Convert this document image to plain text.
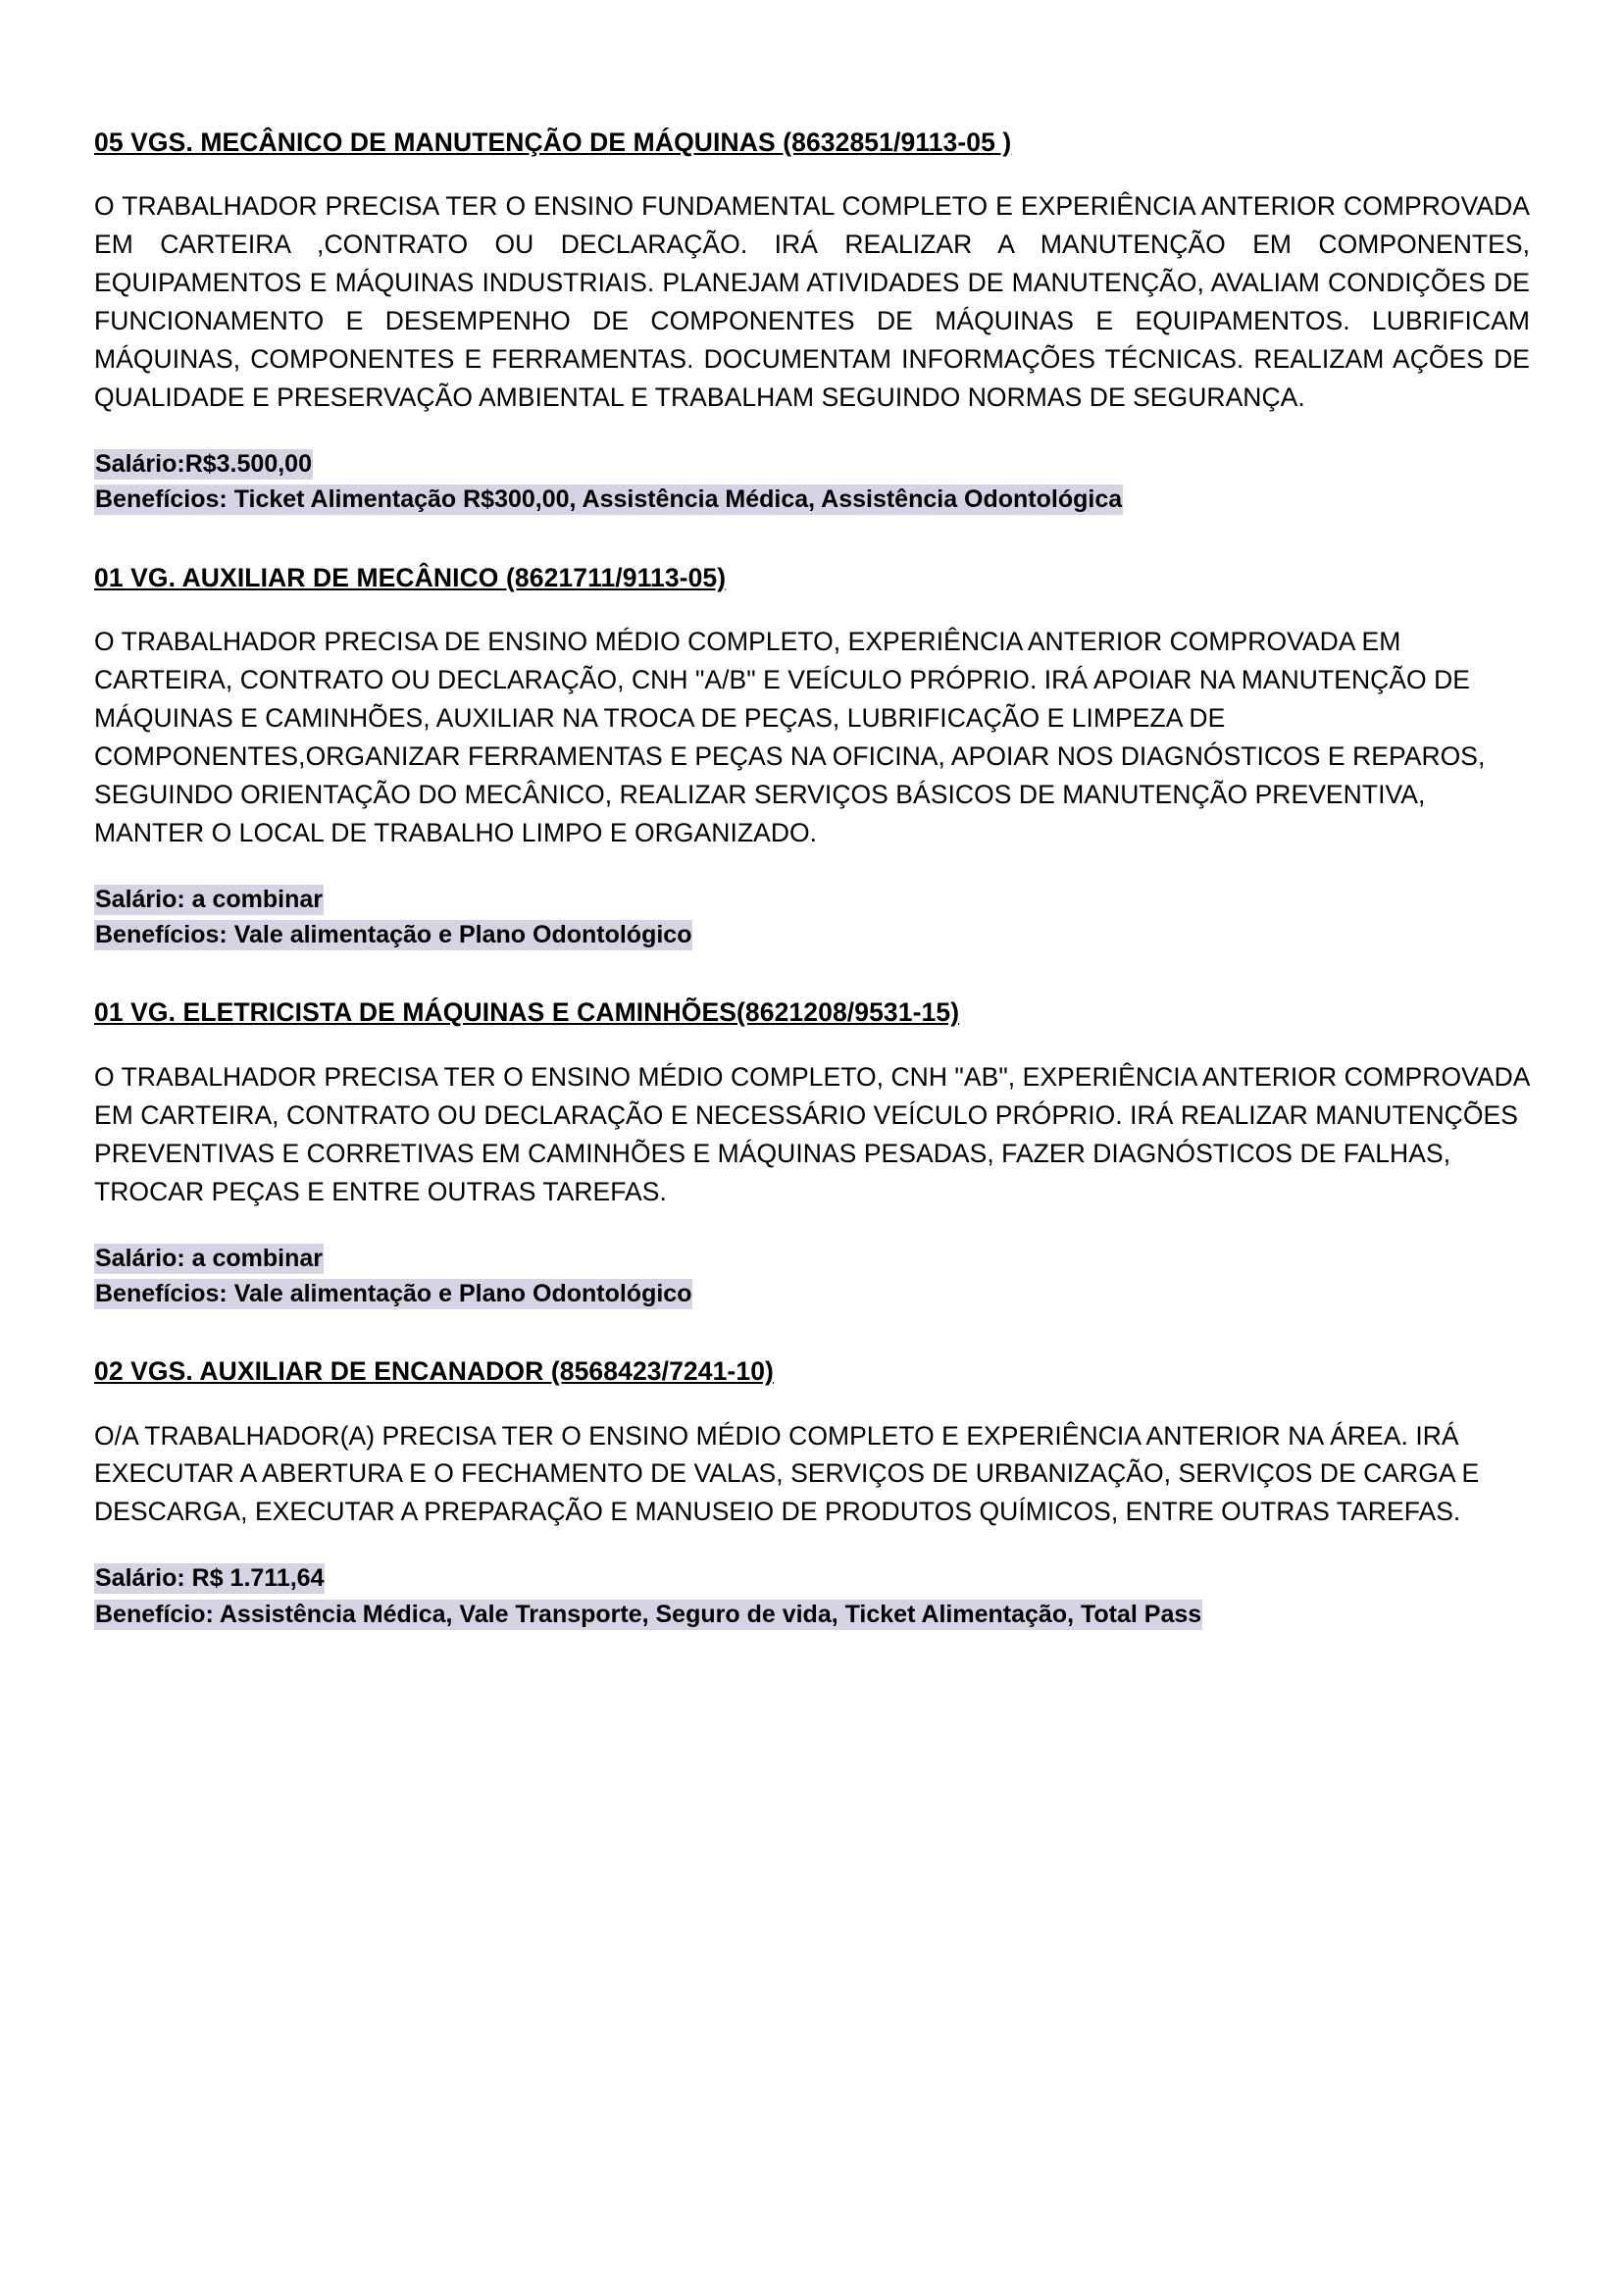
05 VGS. MECÂNICO DE MANUTENÇÃO DE MÁQUINAS (8632851/9113-05 )

O TRABALHADOR PRECISA TER O ENSINO FUNDAMENTAL COMPLETO E EXPERIÊNCIA ANTERIOR COMPROVADA EM CARTEIRA ,CONTRATO OU DECLARAÇÃO. IRÁ REALIZAR A MANUTENÇÃO EM COMPONENTES, EQUIPAMENTOS E MÁQUINAS INDUSTRIAIS. PLANEJAM ATIVIDADES DE MANUTENÇÃO, AVALIAM CONDIÇÕES DE FUNCIONAMENTO E DESEMPENHO DE COMPONENTES DE MÁQUINAS E EQUIPAMENTOS. LUBRIFICAM MÁQUINAS, COMPONENTES E FERRAMENTAS. DOCUMENTAM INFORMAÇÕES TÉCNICAS. REALIZAM AÇÕES DE QUALIDADE E PRESERVAÇÃO AMBIENTAL E TRABALHAM SEGUINDO NORMAS DE SEGURANÇA.

Salário:R$3.500,00

Benefícios: Ticket Alimentação R$300,00, Assistência Médica, Assistência Odontológica

01 VG. AUXILIAR DE MECÂNICO (8621711/9113-05)

O TRABALHADOR PRECISA DE ENSINO MÉDIO COMPLETO, EXPERIÊNCIA ANTERIOR COMPROVADA EM CARTEIRA, CONTRATO OU DECLARAÇÃO, CNH "A/B" E VEÍCULO PRÓPRIO. IRÁ APOIAR NA MANUTENÇÃO DE MÁQUINAS E CAMINHÕES, AUXILIAR NA TROCA DE PEÇAS, LUBRIFICAÇÃO E LIMPEZA DE COMPONENTES,ORGANIZAR FERRAMENTAS E PEÇAS NA OFICINA, APOIAR NOS DIAGNÓSTICOS E REPAROS, SEGUINDO ORIENTAÇÃO DO MECÂNICO, REALIZAR SERVIÇOS BÁSICOS DE MANUTENÇÃO PREVENTIVA, MANTER O LOCAL DE TRABALHO LIMPO E ORGANIZADO.

Salário: a combinar

Benefícios: Vale alimentação e Plano Odontológico

01 VG. ELETRICISTA DE MÁQUINAS E CAMINHÕES(8621208/9531-15)

O TRABALHADOR PRECISA TER O ENSINO MÉDIO COMPLETO, CNH "AB", EXPERIÊNCIA ANTERIOR COMPROVADA EM CARTEIRA, CONTRATO OU DECLARAÇÃO E NECESSÁRIO VEÍCULO PRÓPRIO. IRÁ REALIZAR MANUTENÇÕES PREVENTIVAS E CORRETIVAS EM CAMINHÕES E MÁQUINAS PESADAS, FAZER DIAGNÓSTICOS DE FALHAS, TROCAR PEÇAS E ENTRE OUTRAS TAREFAS.

Salário: a combinar

Benefícios: Vale alimentação e Plano Odontológico

02 VGS. AUXILIAR DE ENCANADOR (8568423/7241-10)

O/A TRABALHADOR(A) PRECISA TER O ENSINO MÉDIO COMPLETO E EXPERIÊNCIA ANTERIOR NA ÁREA. IRÁ EXECUTAR A ABERTURA E O FECHAMENTO DE VALAS, SERVIÇOS DE URBANIZAÇÃO, SERVIÇOS DE CARGA E DESCARGA, EXECUTAR A PREPARAÇÃO E MANUSEIO DE PRODUTOS QUÍMICOS, ENTRE OUTRAS TAREFAS.

Salário: R$ 1.711,64

Benefício: Assistência Médica, Vale Transporte, Seguro de vida, Ticket Alimentação, Total Pass
